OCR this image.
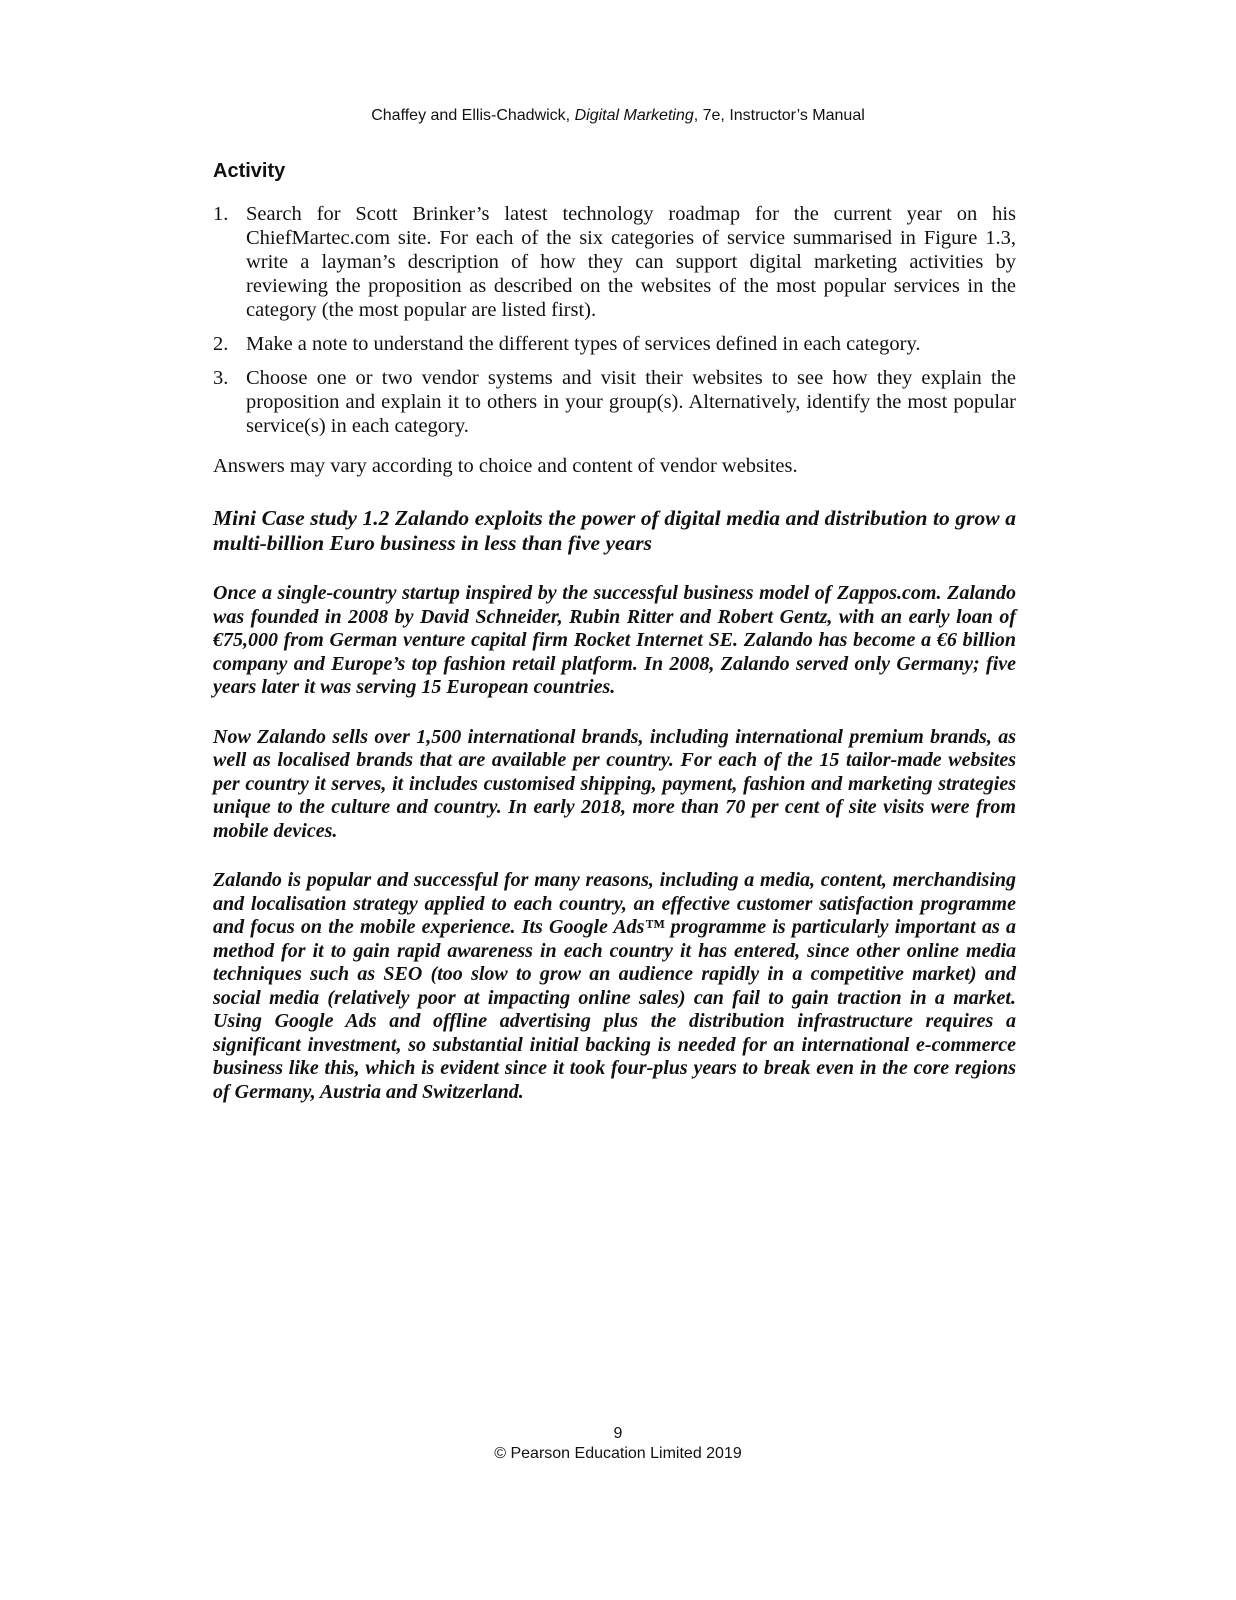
Chaffey and Ellis-Chadwick, Digital Marketing, 7e, Instructor’s Manual
Activity
1. Search for Scott Brinker’s latest technology roadmap for the current year on his ChiefMartec.com site. For each of the six categories of service summarised in Figure 1.3, write a layman’s description of how they can support digital marketing activities by reviewing the proposition as described on the websites of the most popular services in the category (the most popular are listed first).
2. Make a note to understand the different types of services defined in each category.
3. Choose one or two vendor systems and visit their websites to see how they explain the proposition and explain it to others in your group(s). Alternatively, identify the most popular service(s) in each category.

Answers may vary according to choice and content of vendor websites.

Mini Case study 1.2 Zalando exploits the power of digital media and distribution to grow a multi-billion Euro business in less than five years

Once a single-country startup inspired by the successful business model of Zappos.com. Zalando was founded in 2008 by David Schneider, Rubin Ritter and Robert Gentz, with an early loan of €75,000 from German venture capital firm Rocket Internet SE. Zalando has become a €6 billion company and Europe’s top fashion retail platform. In 2008, Zalando served only Germany; five years later it was serving 15 European countries.

Now Zalando sells over 1,500 international brands, including international premium brands, as well as localised brands that are available per country. For each of the 15 tailor-made websites per country it serves, it includes customised shipping, payment, fashion and marketing strategies unique to the culture and country. In early 2018, more than 70 per cent of site visits were from mobile devices.

Zalando is popular and successful for many reasons, including a media, content, merchandising and localisation strategy applied to each country, an effective customer satisfaction programme and focus on the mobile experience. Its Google Ads™ programme is particularly important as a method for it to gain rapid awareness in each country it has entered, since other online media techniques such as SEO (too slow to grow an audience rapidly in a competitive market) and social media (relatively poor at impacting online sales) can fail to gain traction in a market. Using Google Ads and offline advertising plus the distribution infrastructure requires a significant investment, so substantial initial backing is needed for an international e-commerce business like this, which is evident since it took four-plus years to break even in the core regions of Germany, Austria and Switzerland.

9
© Pearson Education Limited 2019
